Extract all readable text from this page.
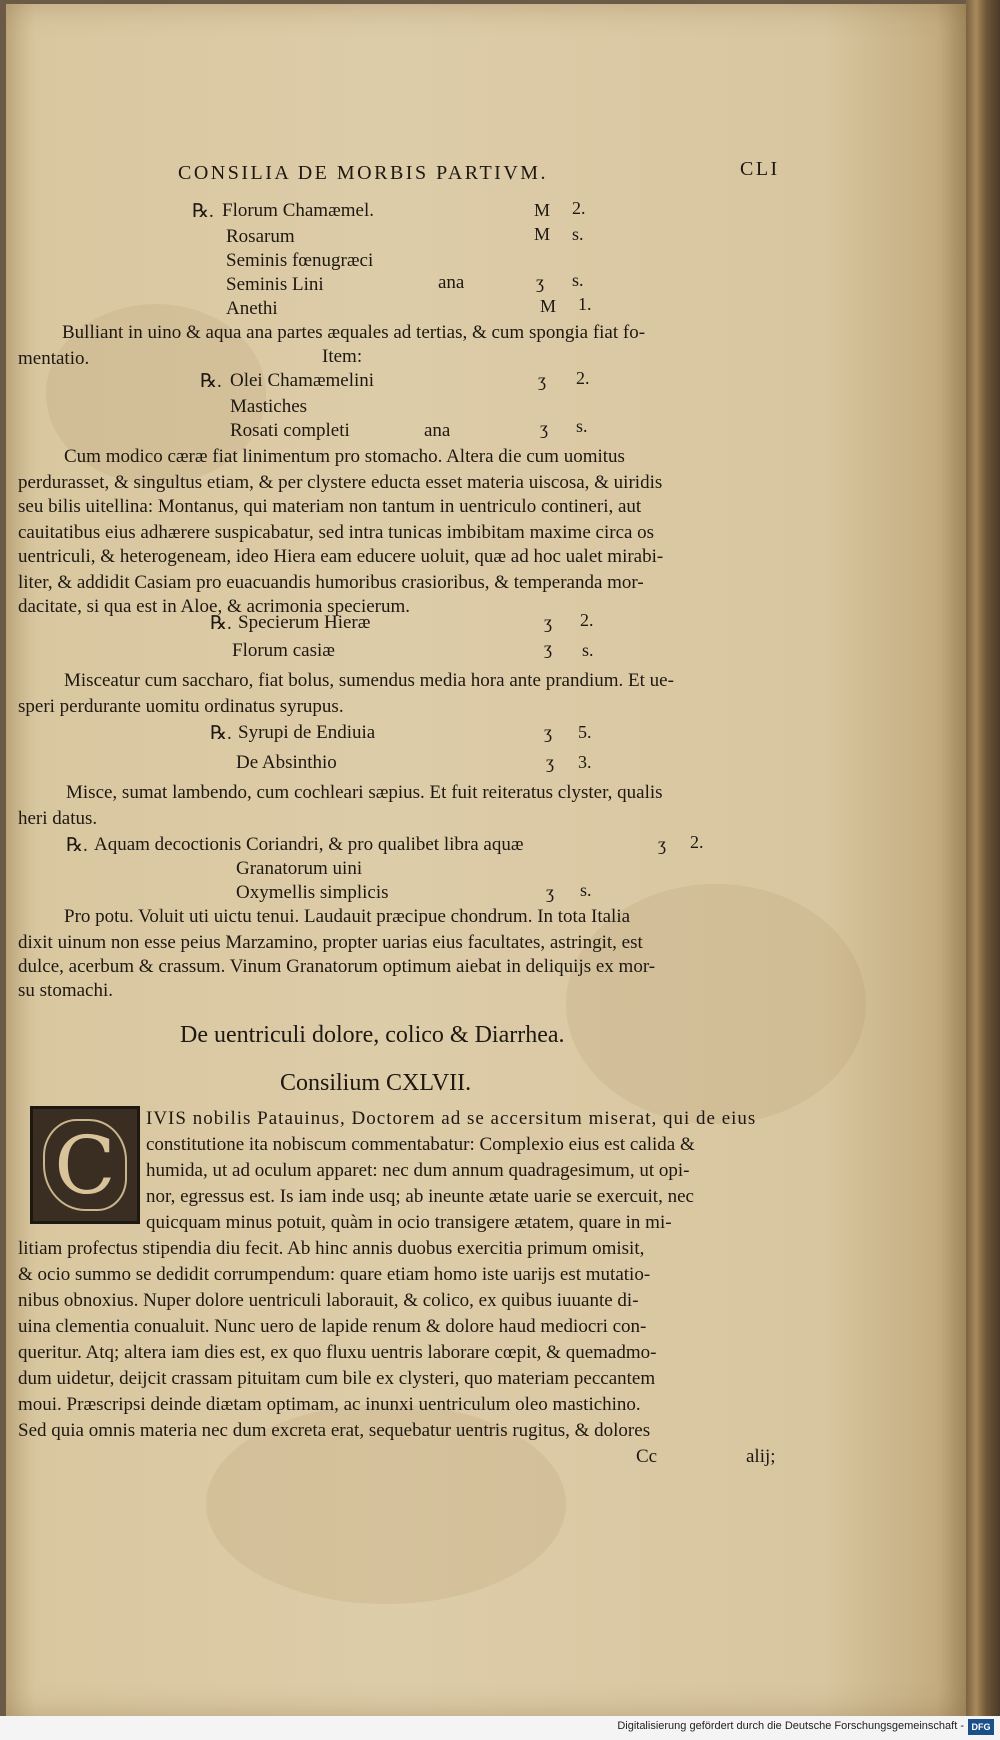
CONSILIA DE MORBIS PARTIVM.	CLI
℞. Florum Chamæmel.	M 2.
Rosarum	M s.
Seminis fœnugræci
Seminis Lini	ana	ʒ s.
Anethi	M 1.
Bulliant in uino & aqua ana partes æquales ad tertias, & cum spongia fiat fo-
mentatio.	Item:
℞. Olei Chamæmelini	ʒ 2.
Mastiches
Rosati completi	ana	ʒ s.
Cum modico cæræ fiat linimentum pro stomacho. Altera die cum uomitus
perdurasset, & singultus etiam, & per clystere educta esset materia uiscosa, & uiridis
seu bilis uitellina: Montanus, qui materiam non tantum in uentriculo contineri, aut
cauitatibus eius adhærere suspicabatur, sed intra tunicas imbibitam maxime circa os
uentriculi, & heterogeneam, ideo Hiera eam educere uoluit, quæ ad hoc ualet mirabi-
liter, & addidit Casiam pro euacuandis humoribus crasioribus, & temperanda mor-
dacitate, si qua est in Aloe, & acrimonia specierum.
℞. Specierum Hieræ	ʒ 2.
Florum casiæ	ʒ s.
Misceatur cum saccharo, fiat bolus, sumendus media hora ante prandium. Et ue-
speri perdurante uomitu ordinatus syrupus.
℞. Syrupi de Endiuia	ʒ 5.
De Absinthio	ʒ 3.
Misce, sumat lambendo, cum cochleari sæpius. Et fuit reiteratus clyster, qualis
heri datus.
℞. Aquam decoctionis Coriandri, & pro qualibet libra aquæ	ʒ 2.
Granatorum uini
Oxymellis simplicis	ʒ s.
Pro potu. Voluit uti uictu tenui. Laudauit præcipue chondrum. In tota Italia
dixit uinum non esse peius Marzamino, propter uarias eius facultates, astringit, est
dulce, acerbum & crassum. Vinum Granatorum optimum aiebat in deliquijs ex mor-
su stomachi.
De uentriculi dolore, colico & Diarrhea.
Consilium CXLVII.
C	IVIS nobilis Patauinus, Doctorem ad se accersitum miserat, qui de eius
constitutione ita nobiscum commentabatur: Complexio eius est calida &
humida, ut ad oculum apparet: nec dum annum quadragesimum, ut opi-
nor, egressus est. Is iam inde usq; ab ineunte ætate uarie se exercuit, nec
quicquam minus potuit, quàm in ocio transigere ætatem, quare in mi-
litiam profectus stipendia diu fecit. Ab hinc annis duobus exercitia primum omisit,
& ocio summo se dedidit corrumpendum: quare etiam homo iste uarijs est mutatio-
nibus obnoxius. Nuper dolore uentriculi laborauit, & colico, ex quibus iuuante di-
uina clementia conualuit. Nunc uero de lapide renum & dolore haud mediocri con-
queritur. Atq; altera iam dies est, ex quo fluxu uentris laborare cœpit, & quemadmo-
dum uidetur, deijcit crassam pituitam cum bile ex clysteri, quo materiam peccantem
moui. Præscripsi deinde diætam optimam, ac inunxi uentriculum oleo mastichino.
Sed quia omnis materia nec dum excreta erat, sequebatur uentris rugitus, & dolores
Cc	alij;
Digitalisierung gefördert durch die Deutsche Forschungsgemeinschaft - DFG
